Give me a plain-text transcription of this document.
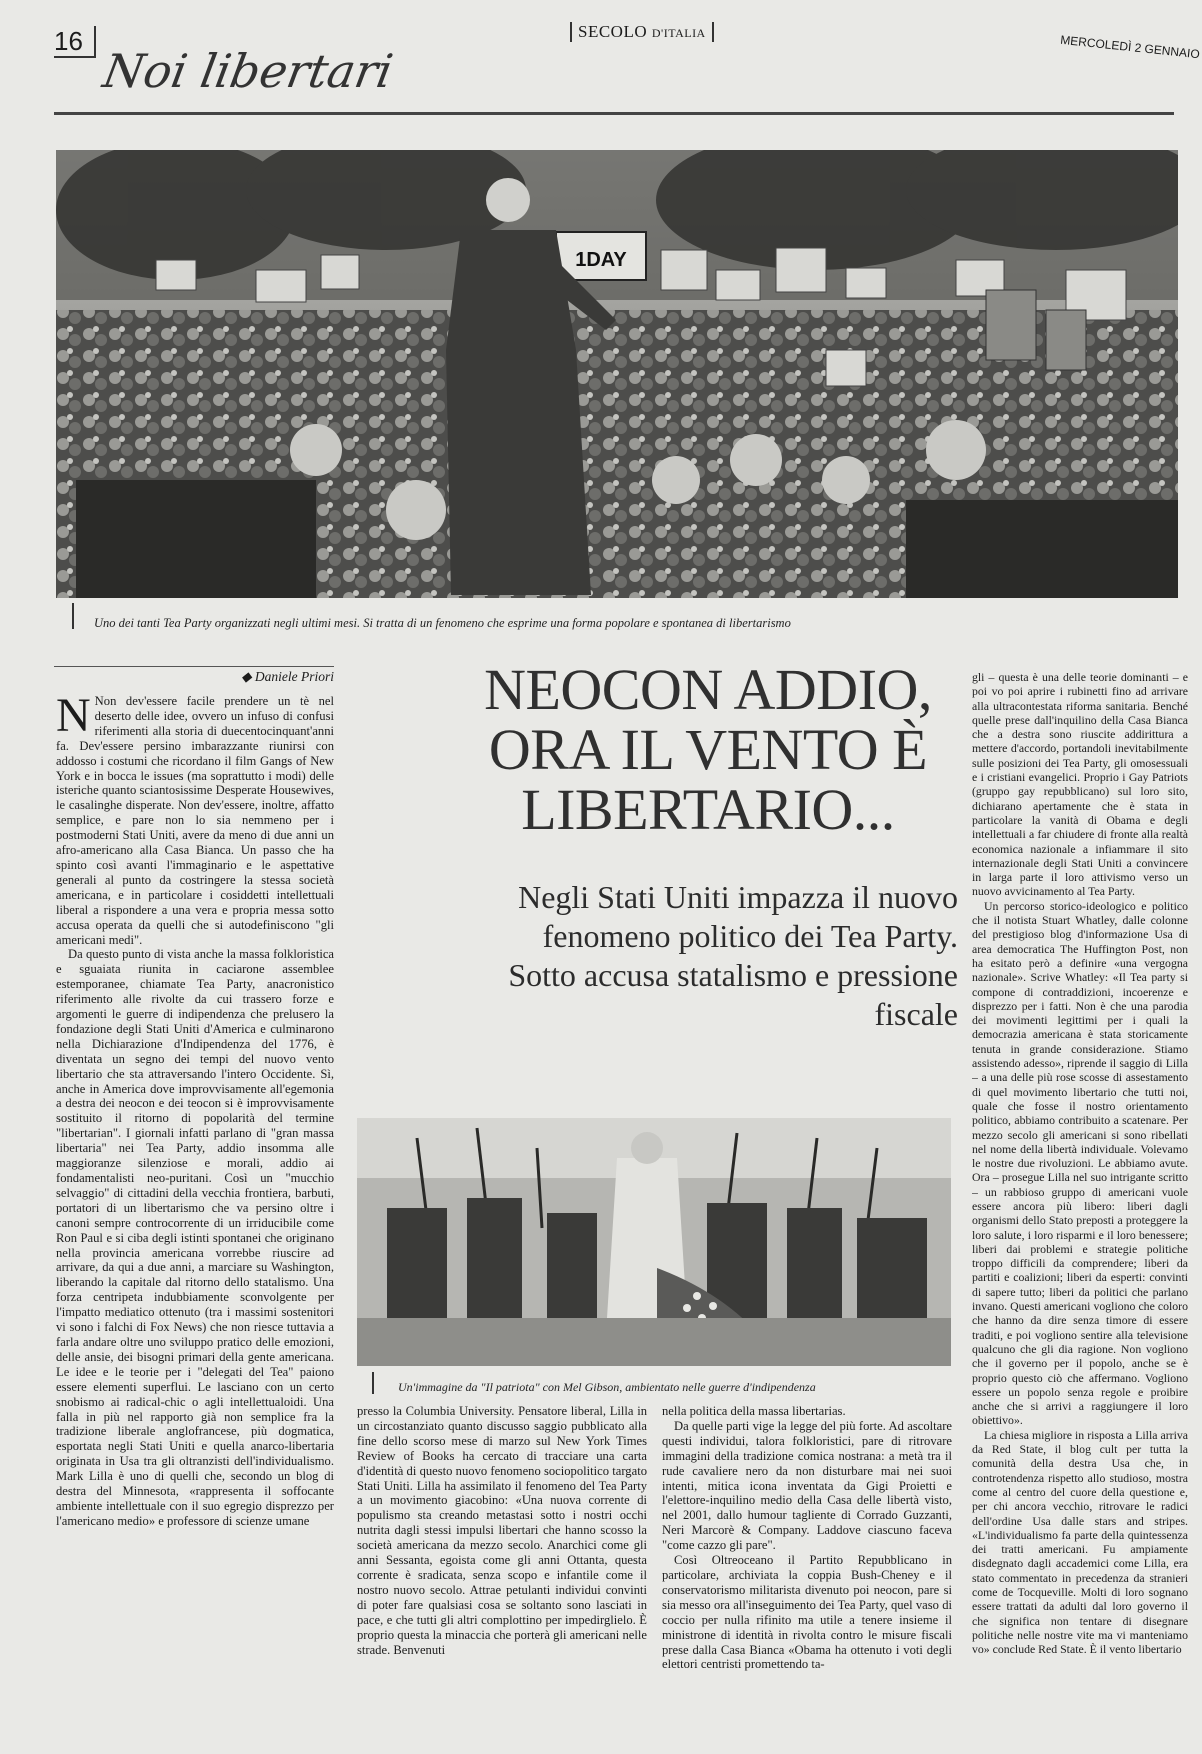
16	SECOLO D'ITALIA
Noi libertari	MERCOLEDÌ 2 GENNAIO
1DAY
Uno dei tanti Tea Party organizzati negli ultimi mesi. Si tratta di un fenomeno che esprime una forma popolare e spontanea di libertarismo
◆ Daniele Priori

N Non dev'essere facile prendere un tè nel deserto delle idee, ovvero un infuso di confusi riferimenti alla storia di duecentocinquant'anni fa. Dev'essere persino imbarazzante riunirsi con addosso i costumi che ricordano il film Gangs of New York e in bocca le issues (ma soprattutto i modi) delle isteriche quanto sciantosissime Desperate Housewives, le casalinghe disperate. Non dev'essere, inoltre, affatto semplice, e pare non lo sia nemmeno per i postmoderni Stati Uniti, avere da meno di due anni un afro-americano alla Casa Bianca. Un passo che ha spinto così avanti l'immaginario e le aspettative generali al punto da costringere la stessa società americana, e in particolare i cosiddetti intellettuali liberal a rispondere a una vera e propria messa sotto accusa operata da quelli che si autodefiniscono "gli americani medi".

Da questo punto di vista anche la massa folkloristica e sguaiata riunita in caciarone assemblee estemporanee, chiamate Tea Party, anacronistico riferimento alle rivolte da cui trassero forze e argomenti le guerre di indipendenza che preluserо la fondazione degli Stati Uniti d'America e culminarono nella Dichiarazione d'Indipendenza del 1776, è diventata un segno dei tempi del nuovo vento libertario che sta attraversando l'intero Occidente. Sì, anche in America dove improvvisamente all'egemonia a destra dei neocon e dei teocon si è improvvisamente sostituito il ritorno di popolarità del termine "libertarian". I giornali infatti parlano di "gran massa libertaria" nei Tea Party, addio insomma alle maggioranze silenziose e morali, addio ai fondamentalisti neo-puritani. Così un "mucchio selvaggio" di cittadini della vecchia frontiera, barbuti, portatori di un libertarismo che va persino oltre i canoni sempre controcorrente di un irriducibile come Ron Paul e si ciba degli istinti spontanei che originano nella provincia americana vorrebbe riuscire ad arrivare, da qui a due anni, a marciare su Washington, liberando la capitale dal ritorno dello statalismo. Una forza centripeta indubbiamente sconvolgente per l'impatto mediatico ottenuto (tra i massimi sostenitori vi sono i falchi di Fox News) che non riesce tuttavia a farla andare oltre uno sviluppo pratico delle emozioni, delle ansie, dei bisogni primari della gente americana. Le idee e le teorie per i "delegati del Tea" paiono essere elementi superflui. Le lasciano con un certo snobismo ai radical-chic o agli intellettualoidi. Una falla in più nel rapporto già non semplice fra la tradizione liberale anglofrancese, più dogmatica, esportata negli Stati Uniti e quella anarco-libertaria originata in Usa tra gli oltranzisti dell'individualismo. Mark Lilla è uno di quelli che, secondo un blog di destra del Minnesota, «rappresenta il soffocante ambiente intellettuale con il suo egregio disprezzo per l'americano medio» e professore di scienze umane

NEOCON ADDIO, ORA IL VENTO È LIBERTARIO...
Negli Stati Uniti impazza il nuovo fenomeno politico dei Tea Party. Sotto accusa statalismo e pressione fiscale

gli – questa è una delle teorie dominanti – e poi vo poi aprire i rubinetti fino ad arrivare alla ultracontestata riforma sanitaria. Benché quelle prese dall'inquilino della Casa Bianca che a destra sono riuscite addirittura a mettere d'accordo, portandoli inevitabilmente sulle posizioni dei Tea Party, gli omosessuali e i cristiani evangelici. Proprio i Gay Patriots (gruppo gay repubblicano) sul loro sito, dichiarano apertamente che è stata in particolare la vanità di Obama e degli intellettuali a far chiudere di fronte alla realtà economica nazionale a infiammare il sito internazionale degli Stati Uniti a convincere in larga parte il loro attivismo verso un nuovo avvicinamento al Tea Party.

Un percorso storico-ideologico e politico che il notista Stuart Whatley, dalle colonne del prestigioso blog d'informazione Usa di area democratica The Huffington Post, non ha esitato però a definire «una vergogna nazionale». Scrive Whatley: «Il Tea party si compone di contraddizioni, incoerenze e disprezzo per i fatti. Non è che una parodia dei movimenti legittimi per i quali la democrazia americana è stata storicamente tenuta in grande considerazione. Stiamo assistendo adesso», riprende il saggio di Lilla – a una delle più rose scosse di assestamento di quel movimento libertario che tutti noi, quale che fosse il nostro orientamento politico, abbiamo contribuito a scatenare. Per mezzo secolo gli americani si sono ribellati nel nome della libertà individuale. Volevamo le nostre due rivoluzioni. Le abbiamo avute. Ora – prosegue Lilla nel suo intrigante scritto – un rabbioso gruppo di americani vuole essere ancora più libero: liberi dagli organismi dello Stato preposti a proteggere la loro salute, i loro risparmi e il loro benessere; liberi dai problemi e strategie politiche troppo difficili da comprendere; liberi da partiti e coalizioni; liberi da esperti: convinti di sapere tutto; liberi da politici che parlano invano. Questi americani vogliono che coloro che hanno da dire senza timore di essere traditi, e poi vogliono sentire alla televisione qualcuno che gli dia ragione. Non vogliono che il governo per il popolo, anche se è proprio questo ciò che affermano. Vogliono essere un popolo senza regole e proibire anche che si arrivi a raggiungere il loro obiettivo».

La chiesa migliore in risposta a Lilla arriva da Red State, il blog cult per tutta la comunità della destra Usa che, in controtendenza rispetto allo studioso, mostra come al centro del cuore della questione e, per chi ancora vecchio, ritrovare le radici dell'ordine Usa dalle stars and stripes. «L'individualismo fa parte della quintessenza dei tratti americani. Fu ampiamente disdegnato dagli accademici come Lilla, era stato commentato in precedenza da stranieri come de Tocqueville. Molti di loro sognano essere trattati da adulti dal loro governo il che significa non tentare di disegnare politiche nelle nostre vite ma vi manteniamo vo» conclude Red State. È il vento libertario

Un'immagine da "Il patriota" con Mel Gibson, ambientato nelle guerre d'indipendenza

presso la Columbia University. Pensatore liberal, Lilla in un circostanziato quanto discusso saggio pubblicato alla fine dello scorso mese di marzo sul New York Times Review of Books ha cercato di tracciare una carta d'identità di questo nuovo fenomeno sociopolitico targato Stati Uniti. Lilla ha assimilato il fenomeno del Tea Party a un movimento giacobino: «Una nuova corrente di populismo sta creando metastasi sotto i nostri occhi nutrita dagli stessi impulsi libertari che hanno scosso la società americana da mezzo secolo. Anarchici come gli anni Sessanta, egoista come gli anni Ottanta, questa corrente è sradicata, senza scopo e infantile come il nostro nuovo secolo. Attrae petulanti individui convinti di poter fare qualsiasi cosa se soltanto sono lasciati in pace, e che tutti gli altri complottino per impedirglielo. È proprio questa la minaccia che porterà gli americani nelle strade. Benvenuti

nella politica della massa libertarias.

Da quelle parti vige la legge del più forte. Ad ascoltare questi individui, talora folkloristici, pare di ritrovare immagini della tradizione comica nostrana: a metà tra il rude cavaliere nero da non disturbare mai nei suoi intenti, mitica icona inventata da Gigi Proietti e l'elettore-inquilino medio della Casa delle libertà visto, nel 2001, dallo humour tagliente di Corrado Guzzanti, Neri Marcorè & Company. Laddove ciascuno faceva "come cazzo gli pare".

Così Oltreoceano il Partito Repubblicano in particolare, archiviata la coppia Bush-Cheney e il conservatorismo militarista divenuto poi neocon, pare si sia messo ora all'inseguimento dei Tea Party, quel vaso di coccio per nulla rifinito ma utile a tenere insieme il ministrone di identità in rivolta contro le misure fiscali prese dalla Casa Bianca «Obama ha ottenuto i voti degli elettori centristi promettendo ta-
